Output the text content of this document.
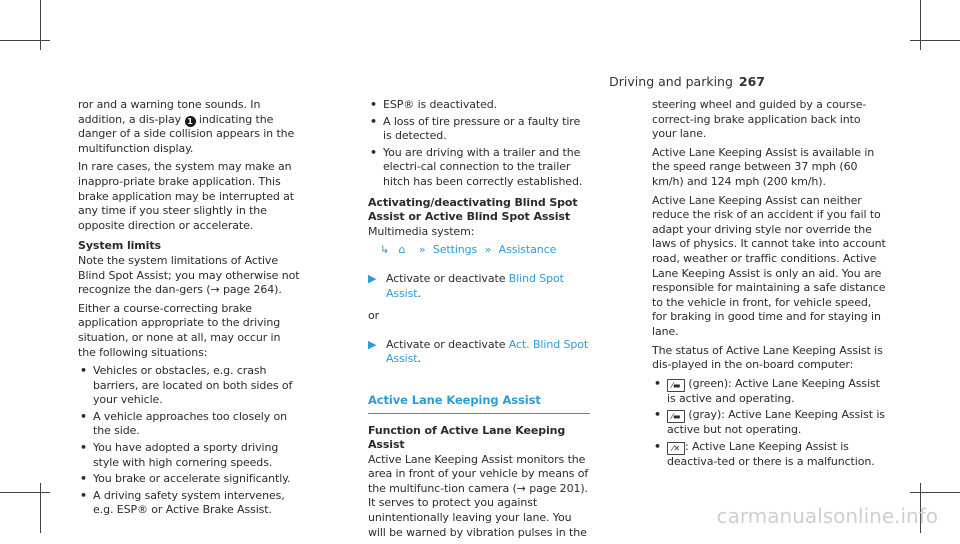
Driving and parking 267

ror and a warning tone sounds. In addition, a dis-play 1 indicating the danger of a side collision appears in the multifunction display.

In rare cases, the system may make an inappro-priate brake application. This brake application may be interrupted at any time if you steer slightly in the opposite direction or accelerate.

System limits

Note the system limitations of Active Blind Spot Assist; you may otherwise not recognize the dan-gers (→ page 264).

Either a course-correcting brake application appropriate to the driving situation, or none at all, may occur in the following situations:

• Vehicles or obstacles, e.g. crash barriers, are located on both sides of your vehicle.
• A vehicle approaches too closely on the side.
• You have adopted a sporty driving style with high cornering speeds.
• You brake or accelerate significantly.
• A driving safety system intervenes, e.g. ESP® or Active Brake Assist.
• ESP® is deactivated.
• A loss of tire pressure or a faulty tire is detected.
• You are driving with a trailer and the electri-cal connection to the trailer hitch has been correctly established.

Activating/deactivating Blind Spot Assist or Active Blind Spot Assist

Multimedia system:

↳ ⌂ » Settings » Assistance

▶ Activate or deactivate Blind Spot Assist.

or

▶ Activate or deactivate Act. Blind Spot Assist.

Active Lane Keeping Assist

Function of Active Lane Keeping Assist

Active Lane Keeping Assist monitors the area in front of your vehicle by means of the multifunc-tion camera (→ page 201). It serves to protect you against unintentionally leaving your lane. You will be warned by vibration pulses in the

steering wheel and guided by a course-correct-ing brake application back into your lane.

Active Lane Keeping Assist is available in the speed range between 37 mph (60 km/h) and 124 mph (200 km/h).

Active Lane Keeping Assist can neither reduce the risk of an accident if you fail to adapt your driving style nor override the laws of physics. It cannot take into account road, weather or traffic conditions. Active Lane Keeping Assist is only an aid. You are responsible for maintaining a safe distance to the vehicle in front, for vehicle speed, for braking in good time and for staying in lane.

The status of Active Lane Keeping Assist is dis-played in the on-board computer:

• ⁄▬ (green): Active Lane Keeping Assist is active and operating.
• ⁄▬ (gray): Active Lane Keeping Assist is active but not operating.
• ⁄✕ : Active Lane Keeping Assist is deactiva-ted or there is a malfunction.
carmanualsonline.info
